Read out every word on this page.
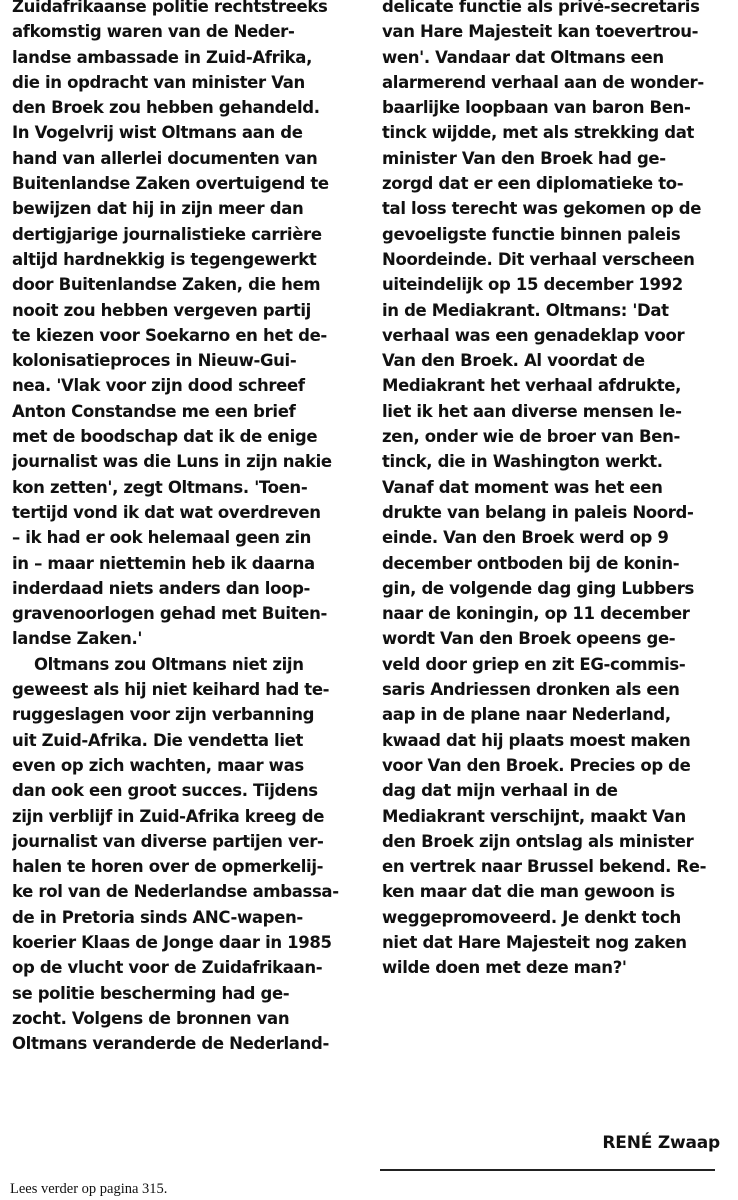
Zuidafrikaanse politie rechtstreeks
afkomstig waren van de Neder-
landse ambassade in Zuid-Afrika,
die in opdracht van minister Van
den Broek zou hebben gehandeld.
In Vogelvrij wist Oltmans aan de
hand van allerlei documenten van
Buitenlandse Zaken overtuigend te
bewijzen dat hij in zijn meer dan
dertigjarige journalistieke carrière
altijd hardnekkig is tegengewerkt
door Buitenlandse Zaken, die hem
nooit zou hebben vergeven partij
te kiezen voor Soekarno en het de-
kolonisatieproces in Nieuw-Gui-
nea. 'Vlak voor zijn dood schreef
Anton Constandse me een brief
met de boodschap dat ik de enige
journalist was die Luns in zijn nakie
kon zetten', zegt Oltmans. 'Toen-
tertijd vond ik dat wat overdreven
– ik had er ook helemaal geen zin
in – maar niettemin heb ik daarna
inderdaad niets anders dan loop-
gravenoorlogen gehad met Buiten-
landse Zaken.'
Oltmans zou Oltmans niet zijn
geweest als hij niet keihard had te-
ruggeslagen voor zijn verbanning
uit Zuid-Afrika. Die vendetta liet
even op zich wachten, maar was
dan ook een groot succes. Tijdens
zijn verblijf in Zuid-Afrika kreeg de
journalist van diverse partijen ver-
halen te horen over de opmerkelij-
ke rol van de Nederlandse ambassa-
de in Pretoria sinds ANC-wapen-
koerier Klaas de Jonge daar in 1985
op de vlucht voor de Zuidafrikaan-
se politie bescherming had ge-
zocht. Volgens de bronnen van
Oltmans veranderde de Nederland-
delicate functie als privé-secretaris
van Hare Majesteit kan toevertrou-
wen'. Vandaar dat Oltmans een
alarmerend verhaal aan de wonder-
baarlijke loopbaan van baron Ben-
tinck wijdde, met als strekking dat
minister Van den Broek had ge-
zorgd dat er een diplomatieke to-
tal loss terecht was gekomen op de
gevoeligste functie binnen paleis
Noordeinde. Dit verhaal verscheen
uiteindelijk op 15 december 1992
in de Mediakrant. Oltmans: 'Dat
verhaal was een genadeklap voor
Van den Broek. Al voordat de
Mediakrant het verhaal afdrukte,
liet ik het aan diverse mensen le-
zen, onder wie de broer van Ben-
tinck, die in Washington werkt.
Vanaf dat moment was het een
drukte van belang in paleis Noord-
einde. Van den Broek werd op 9
december ontboden bij de konin-
gin, de volgende dag ging Lubbers
naar de koningin, op 11 december
wordt Van den Broek opeens ge-
veld door griep en zit EG-commis-
saris Andriessen dronken als een
aap in de plane naar Nederland,
kwaad dat hij plaats moest maken
voor Van den Broek. Precies op de
dag dat mijn verhaal in de
Mediakrant verschijnt, maakt Van
den Broek zijn ontslag als minister
en vertrek naar Brussel bekend. Re-
ken maar dat die man gewoon is
weggepromoveerd. Je denkt toch
niet dat Hare Majesteit nog zaken
wilde doen met deze man?'
RENÉ Zwaap
Lees verder op pagina 315.
